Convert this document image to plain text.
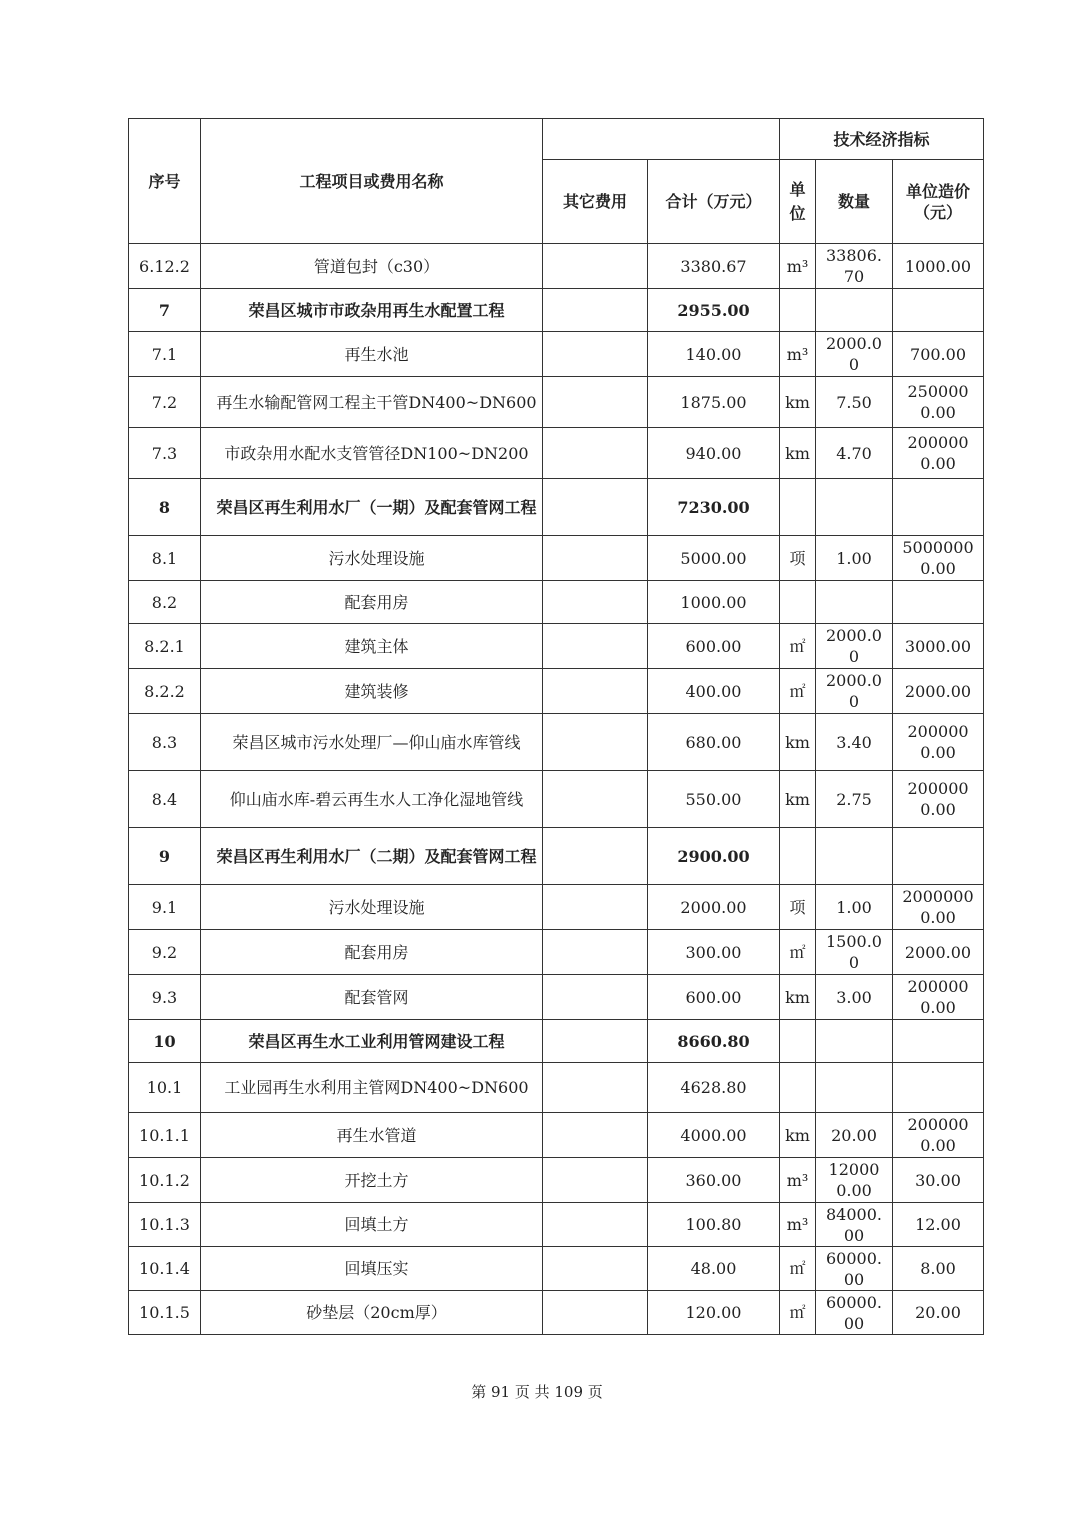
序号	工程项目或费用名称			技术经济指标		
		其它费用	合计（万元）	单位	数量	单位造价（元）
6.12.2	管道包封（c30）		3380.67	m³	33806.70	1000.00
7	荣昌区城市市政杂用再生水配置工程		2955.00			
7.1	再生水池		140.00	m³	2000.00	700.00
7.2	再生水输配管网工程主干管DN400~DN600		1875.00	km	7.50	2500000.00
7.3	市政杂用水配水支管管径DN100~DN200		940.00	km	4.70	2000000.00
8	荣昌区再生利用水厂（一期）及配套管网工程		7230.00			
8.1	污水处理设施		5000.00	项	1.00	50000000.00
8.2	配套用房		1000.00			
8.2.1	建筑主体		600.00	㎡	2000.00	3000.00
8.2.2	建筑装修		400.00	㎡	2000.00	2000.00
8.3	荣昌区城市污水处理厂—仰山庙水库管线		680.00	km	3.40	2000000.00
8.4	仰山庙水库-碧云再生水人工净化湿地管线		550.00	km	2.75	2000000.00
9	荣昌区再生利用水厂（二期）及配套管网工程		2900.00			
9.1	污水处理设施		2000.00	项	1.00	20000000.00
9.2	配套用房		300.00	㎡	1500.00	2000.00
9.3	配套管网		600.00	km	3.00	2000000.00
10	荣昌区再生水工业利用管网建设工程		8660.80			
10.1	工业园再生水利用主管网DN400~DN600		4628.80			
10.1.1	再生水管道		4000.00	km	20.00	2000000.00
10.1.2	开挖土方		360.00	m³	120000.00	30.00
10.1.3	回填土方		100.80	m³	84000.00	12.00
10.1.4	回填压实		48.00	㎡	60000.00	8.00
10.1.5	砂垫层（20cm厚）		120.00	㎡	60000.00	20.00
第 91 页 共 109 页
